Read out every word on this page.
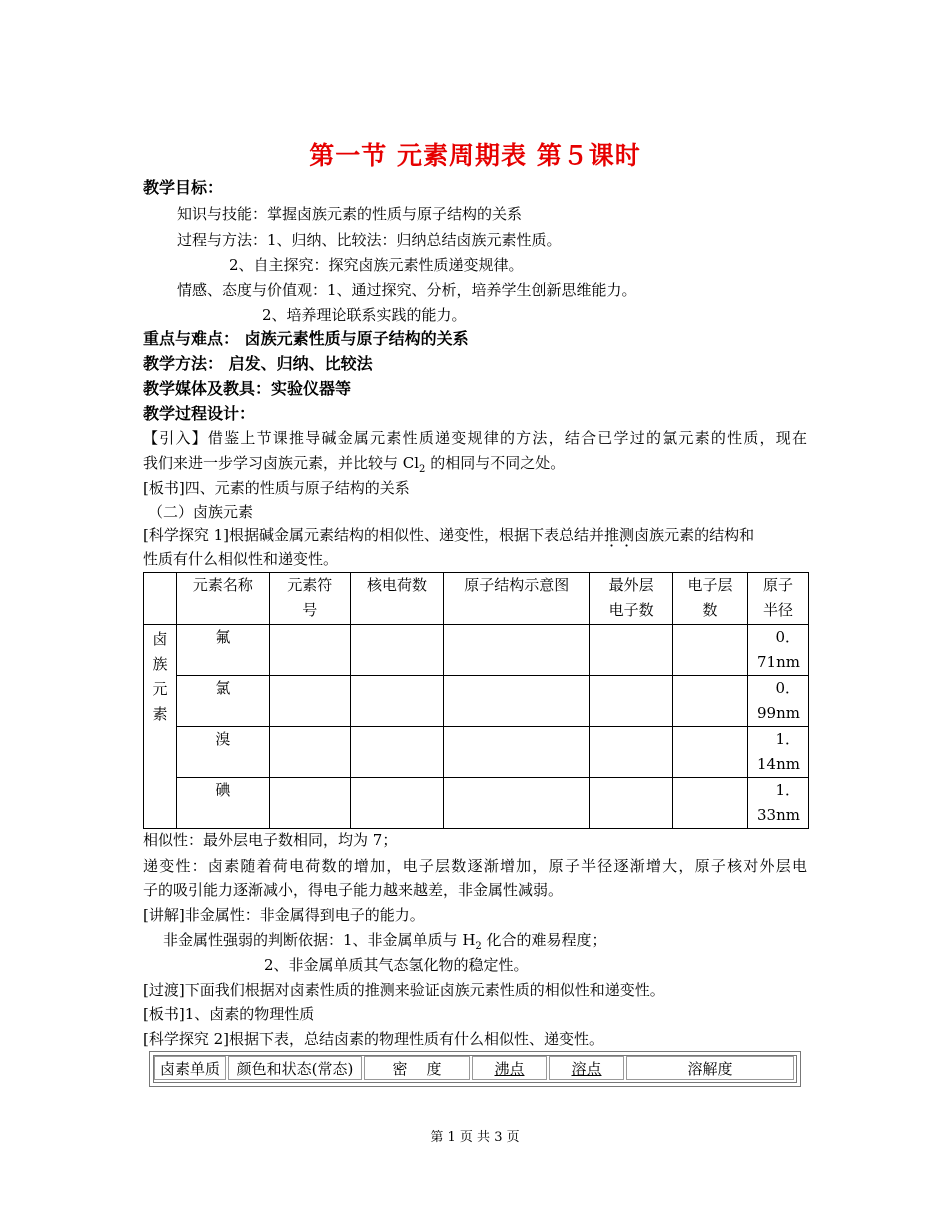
第一节 元素周期表 第５课时
教学目标：
知识与技能：掌握卤族元素的性质与原子结构的关系
过程与方法：1、归纳、比较法：归纳总结卤族元素性质。
2、自主探究：探究卤族元素性质递变规律。
情感、态度与价值观：1、通过探究、分析，培养学生创新思维能力。
2、培养理论联系实践的能力。
重点与难点： 卤族元素性质与原子结构的关系
教学方法： 启发、归纳、比较法
教学媒体及教具：实验仪器等
教学过程设计：
【引入】借鉴上节课推导碱金属元素性质递变规律的方法，结合已学过的氯元素的性质，现在
我们来进一步学习卤族元素，并比较与 $Cl_2$ 的相同与不同之处。
[板书]四、元素的性质与原子结构的关系
（二）卤族元素
[科学探究 1]根据碱金属元素结构的相似性、递变性，根据下表总结并推测卤族元素的结构和
性质有什么相似性和递变性。
	元素名称	元素符号	核电荷数	原子结构示意图	最外层电子数	电子层数	原子半径
卤族元素	氟						0．71nm
	氯						0．99nm
	溴						1．14nm
	碘						1．33nm
相似性：最外层电子数相同，均为 7；
递变性：卤素随着荷电荷数的增加，电子层数逐渐增加，原子半径逐渐增大，原子核对外层电
子的吸引能力逐渐减小，得电子能力越来越差，非金属性减弱。
[讲解]非金属性：非金属得到电子的能力。
非金属性强弱的判断依据：1、非金属单质与 $H_2$ 化合的难易程度；
2、非金属单质其气态氢化物的稳定性。
[过渡]下面我们根据对卤素性质的推测来验证卤族元素性质的相似性和递变性。
[板书]1、卤素的物理性质
[科学探究 2]根据下表，总结卤素的物理性质有什么相似性、递变性。
卤素单质	颜色和状态(常态)	密    度	沸点	溶点	溶解度
第 1 页 共 3 页
